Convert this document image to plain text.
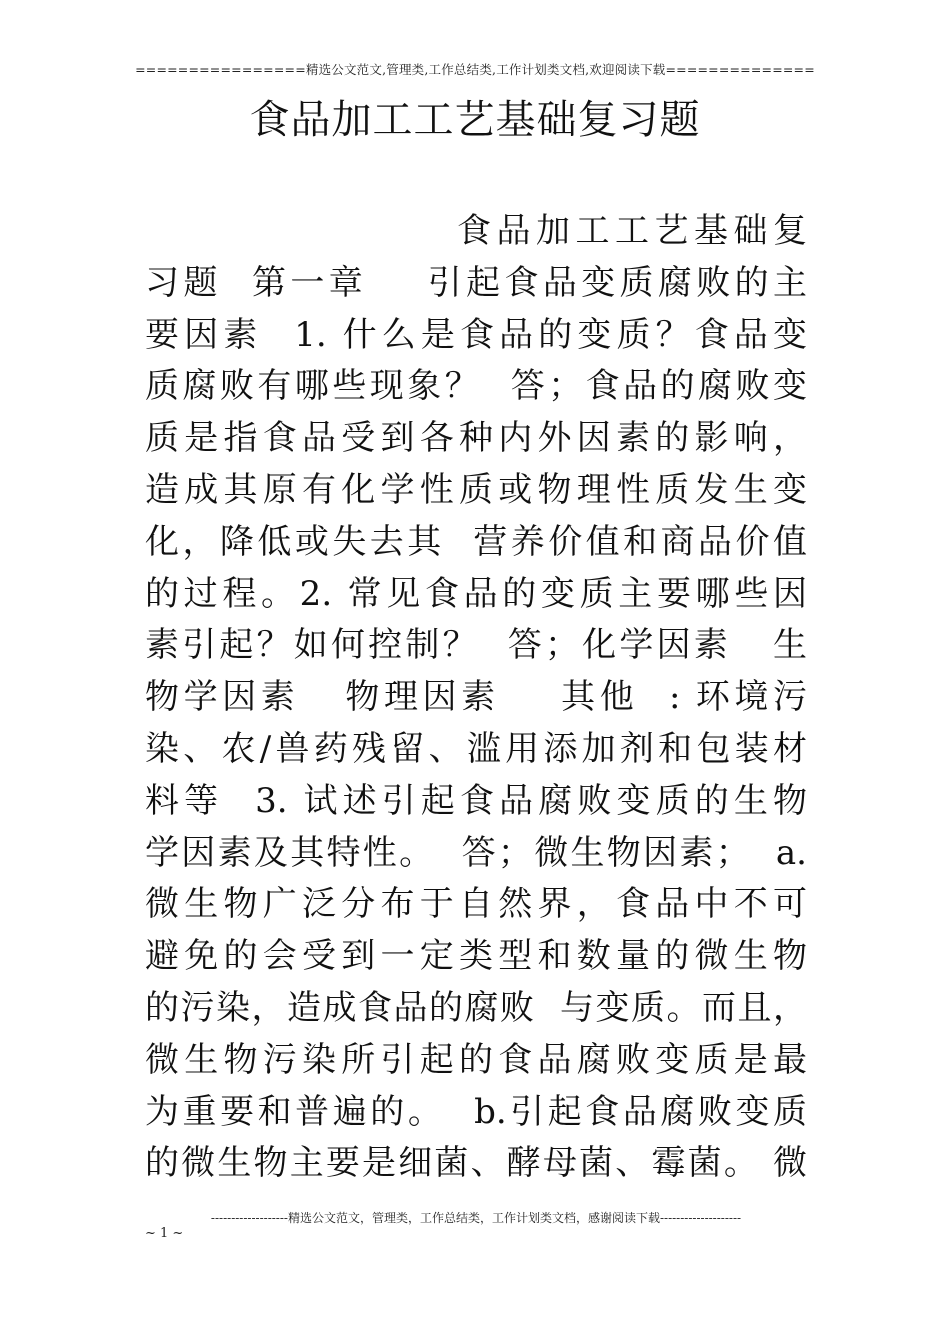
================精选公文范文,管理类,工作总结类,工作计划类文档,欢迎阅读下载==============
食品加工工艺基础复习题
食品加工工艺基础复
习题  第一章    引起食品变质腐败的主
要因素  1. 什么是食品的变质？食品变
质腐败有哪些现象？  答；食品的腐败变
质是指食品受到各种内外因素的影响，
造成其原有化学性质或物理性质发生变
化，降低或失去其  营养价值和商品价值
的过程。2. 常见食品的变质主要哪些因
素引起？如何控制？  答；化学因素   生
物学因素   物理因素    其他  : 环境污
染、农/兽药残留、滥用添加剂和包装材
料等  3. 试述引起食品腐败变质的生物
学因素及其特性。  答；微生物因素；  a.
微生物广泛分布于自然界，食品中不可
避免的会受到一定类型和数量的微生物
的污染，造成食品的腐败  与变质。而且，
微生物污染所引起的食品腐败变质是最
为重要和普遍的。  b.引起食品腐败变质
的微生物主要是细菌、酵母菌、霉菌。 微
-------------------精选公文范文，管理类，工作总结类，工作计划类文档，感谢阅读下载--------------------
~ 1 ~
